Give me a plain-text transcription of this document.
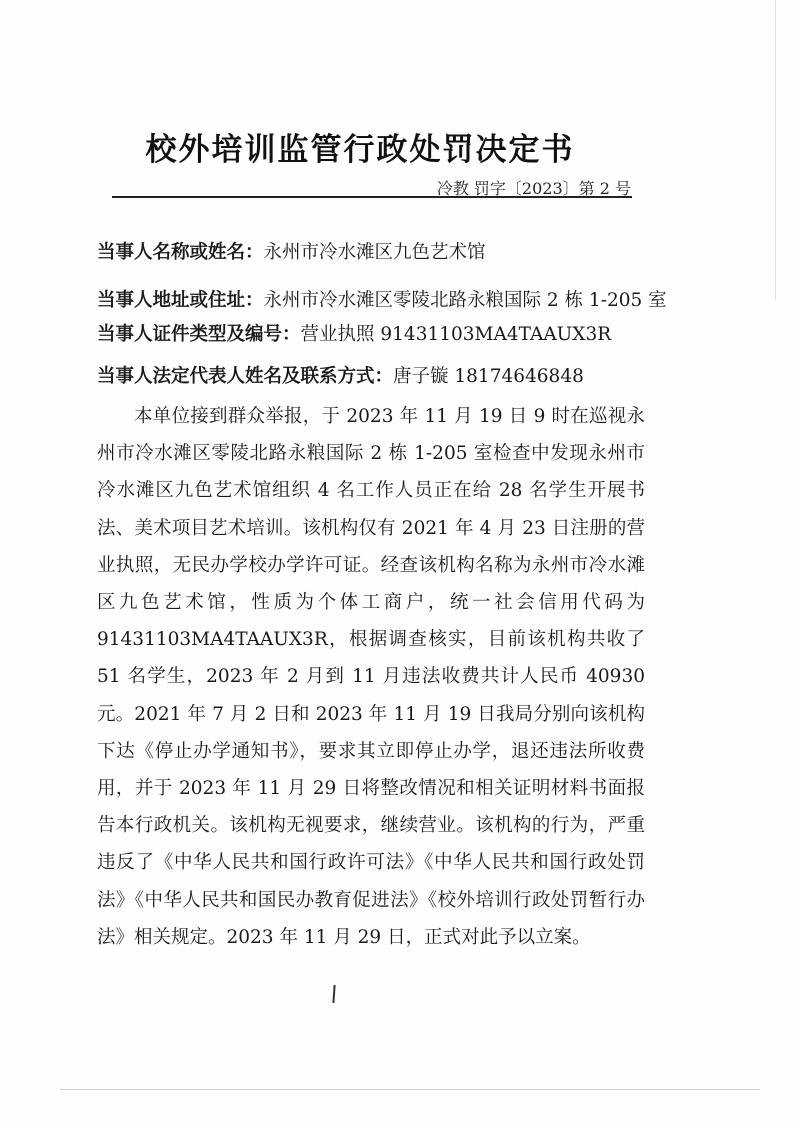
校外培训监管行政处罚决定书
冷教 罚字〔2023〕第 2 号
当事人名称或姓名：永州市冷水滩区九色艺术馆
当事人地址或住址：永州市冷水滩区零陵北路永粮国际 2 栋 1-205 室
当事人证件类型及编号：营业执照 91431103MA4TAAUX3R
当事人法定代表人姓名及联系方式：唐子镟 18174646848
本单位接到群众举报，于 2023 年 11 月 19 日 9 时在巡视永州市冷水滩区零陵北路永粮国际 2 栋 1-205 室检查中发现永州市冷水滩区九色艺术馆组织 4 名工作人员正在给 28 名学生开展书法、美术项目艺术培训。该机构仅有 2021 年 4 月 23 日注册的营业执照，无民办学校办学许可证。经查该机构名称为永州市冷水滩区九色艺术馆，性质为个体工商户，统一社会信用代码为 91431103MA4TAAUX3R，根据调查核实，目前该机构共收了 51 名学生，2023 年 2 月到 11 月违法收费共计人民币 40930 元。2021 年 7 月 2 日和 2023 年 11 月 19 日我局分别向该机构下达《停止办学通知书》，要求其立即停止办学，退还违法所收费用，并于 2023 年 11 月 29 日将整改情况和相关证明材料书面报告本行政机关。该机构无视要求，继续营业。该机构的行为，严重违反了《中华人民共和国行政许可法》《中华人民共和国行政处罚法》《中华人民共和国民办教育促进法》《校外培训行政处罚暂行办法》相关规定。2023 年 11 月 29 日，正式对此予以立案。
